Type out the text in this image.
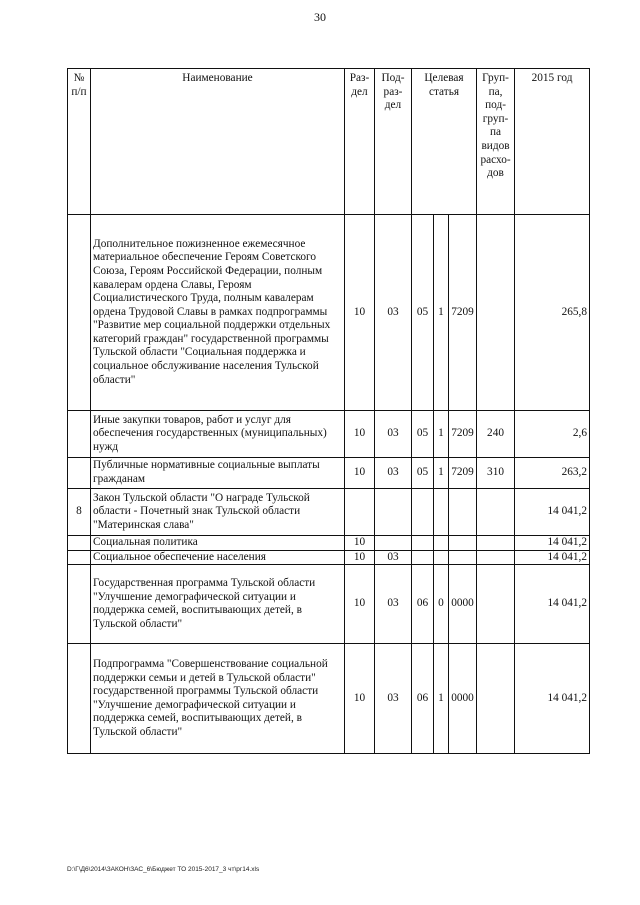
30
№ п/п	Наименование	Раз-дел	Под-раз-дел	Целевая статья			Груп-па, под-груп-па видов расхо-дов	2015 год
	Дополнительное пожизненное ежемесячное материальное обеспечение Героям Советского Союза, Героям Российской Федерации, полным кавалерам ордена Славы, Героям Социалистического Труда, полным кавалерам ордена Трудовой Славы в рамках подпрограммы "Развитие мер социальной поддержки отдельных категорий граждан" государственной программы Тульской области "Социальная поддержка и социальное обслуживание населения Тульской области"	10	03	05	1	7209		265,8
	Иные закупки товаров, работ и услуг для обеспечения государственных (муниципальных) нужд	10	03	05	1	7209	240	2,6
	Публичные нормативные социальные выплаты гражданам	10	03	05	1	7209	310	263,2
8	Закон Тульской области "О награде Тульской области - Почетный знак Тульской области "Материнская слава"							14 041,2
	Социальная политика	10						14 041,2
	Социальное обеспечение населения	10	03					14 041,2
	Государственная программа Тульской области "Улучшение демографической ситуации и поддержка семей, воспитывающих детей, в Тульской области"	10	03	06	0	0000		14 041,2
	Подпрограмма "Совершенствование социальной поддержки семьи и детей в Тульской области" государственной программы Тульской области "Улучшение демографической ситуации и поддержка семей, воспитывающих детей, в Тульской области"	10	03	06	1	0000		14 041,2
D:\Г\Д6\2014\ЗАКОН\ЗАС_6\Бюджет ТО 2015-2017_3 чт\рг14.xls
